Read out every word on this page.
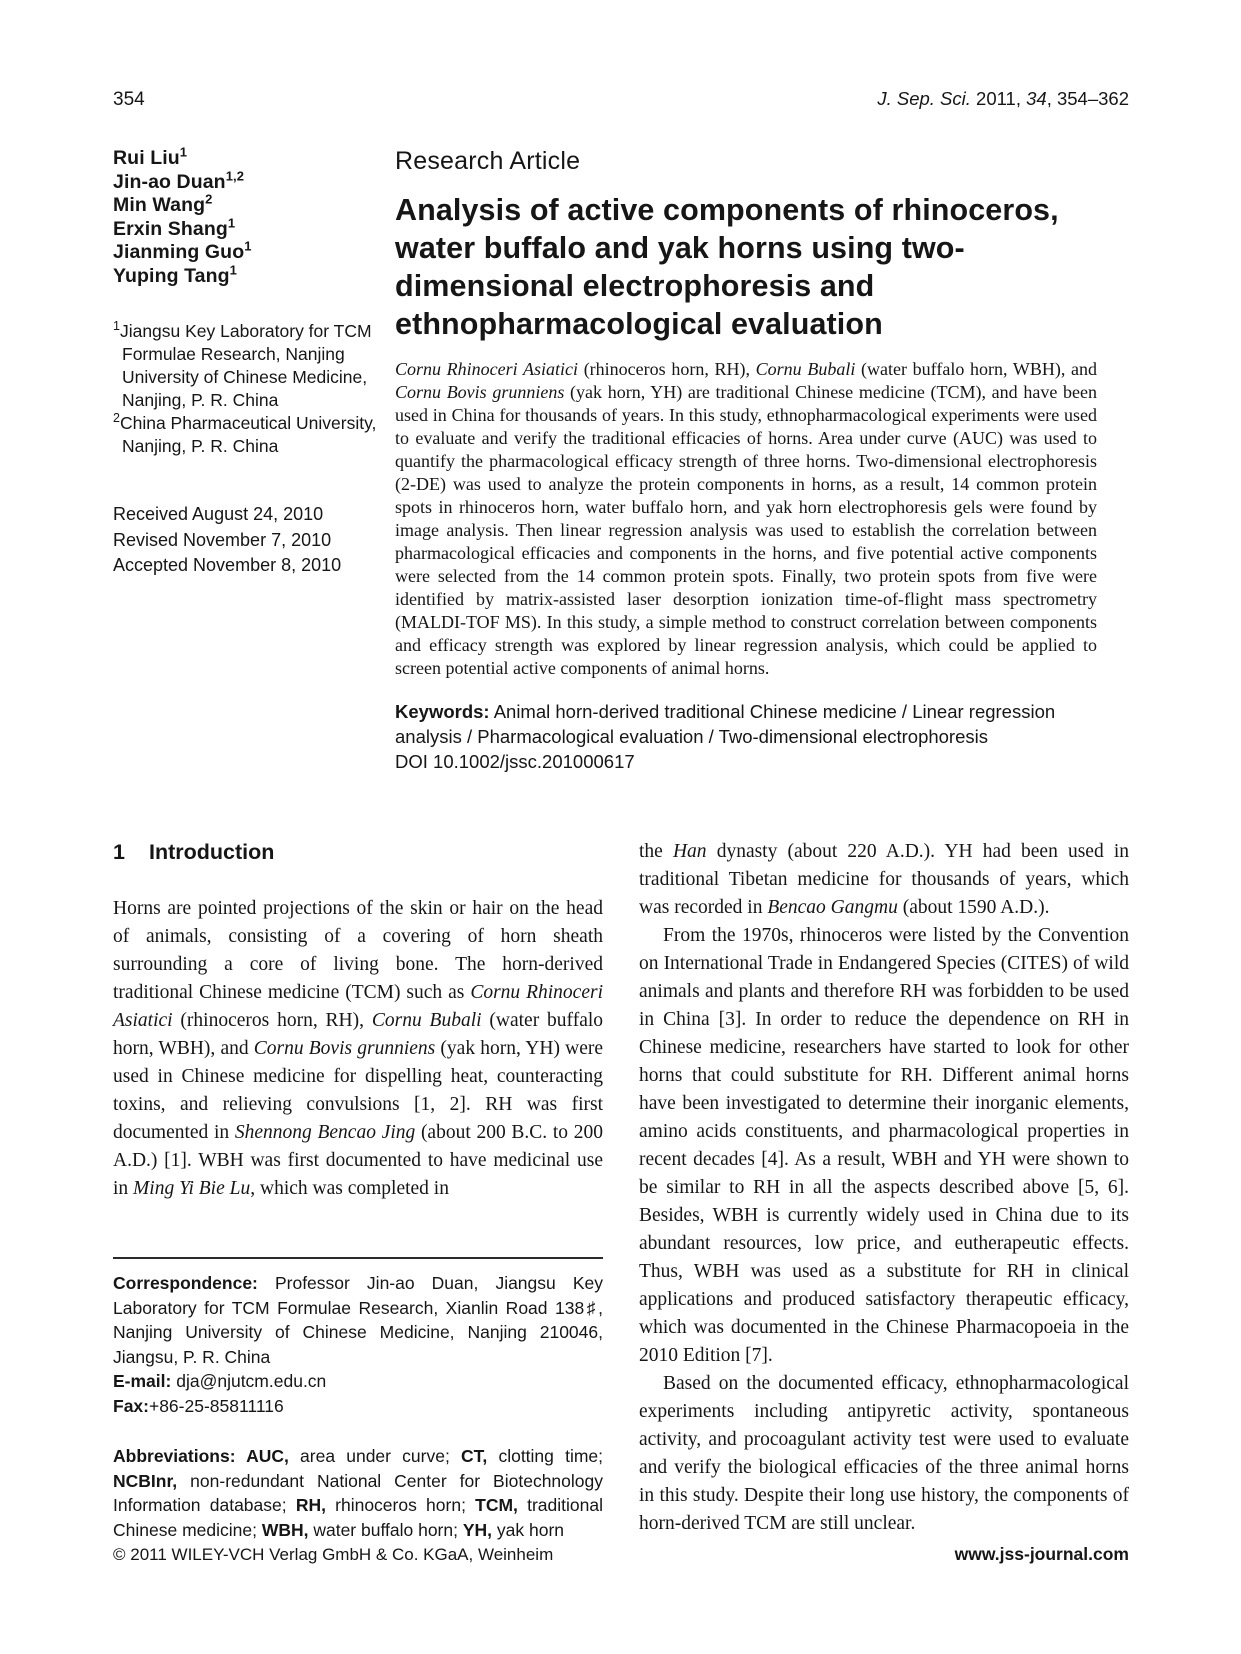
354	J. Sep. Sci. 2011, 34, 354–362
Rui Liu$^1$
Jin-ao Duan$^{1,2}$
Min Wang$^2$
Erxin Shang$^1$
Jianming Guo$^1$
Yuping Tang$^1$
$^1$Jiangsu Key Laboratory for TCM Formulae Research, Nanjing University of Chinese Medicine, Nanjing, P. R. China
$^2$China Pharmaceutical University, Nanjing, P. R. China
Received August 24, 2010
Revised November 7, 2010
Accepted November 8, 2010
Research Article
Analysis of active components of rhinoceros, water buffalo and yak horns using two-dimensional electrophoresis and ethnopharmacological evaluation

Cornu Rhinoceri Asiatici (rhinoceros horn, RH), Cornu Bubali (water buffalo horn, WBH), and Cornu Bovis grunniens (yak horn, YH) are traditional Chinese medicine (TCM), and have been used in China for thousands of years. In this study, ethnopharmacological experiments were used to evaluate and verify the traditional efficacies of horns. Area under curve (AUC) was used to quantify the pharmacological efficacy strength of three horns. Two-dimensional electrophoresis (2-DE) was used to analyze the protein components in horns, as a result, 14 common protein spots in rhinoceros horn, water buffalo horn, and yak horn electrophoresis gels were found by image analysis. Then linear regression analysis was used to establish the correlation between pharmacological efficacies and components in the horns, and five potential active components were selected from the 14 common protein spots. Finally, two protein spots from five were identified by matrix-assisted laser desorption ionization time-of-flight mass spectrometry (MALDI-TOF MS). In this study, a simple method to construct correlation between components and efficacy strength was explored by linear regression analysis, which could be applied to screen potential active components of animal horns.

Keywords: Animal horn-derived traditional Chinese medicine / Linear regression analysis / Pharmacological evaluation / Two-dimensional electrophoresis
DOI 10.1002/jssc.201000617
1 Introduction

Horns are pointed projections of the skin or hair on the head of animals, consisting of a covering of horn sheath surrounding a core of living bone. The horn-derived traditional Chinese medicine (TCM) such as Cornu Rhinoceri Asiatici (rhinoceros horn, RH), Cornu Bubali (water buffalo horn, WBH), and Cornu Bovis grunniens (yak horn, YH) were used in Chinese medicine for dispelling heat, counteracting toxins, and relieving convulsions [1, 2]. RH was first documented in Shennong Bencao Jing (about 200 B.C. to 200 A.D.) [1]. WBH was first documented to have medicinal use in Ming Yi Bie Lu, which was completed in

Correspondence: Professor Jin-ao Duan, Jiangsu Key Laboratory for TCM Formulae Research, Xianlin Road 138♯, Nanjing University of Chinese Medicine, Nanjing 210046, Jiangsu, P. R. China

E-mail: dja@njutcm.edu.cn

Fax:+86-25-85811116

Abbreviations: AUC, area under curve; CT, clotting time; NCBInr, non-redundant National Center for Biotechnology Information database; RH, rhinoceros horn; TCM, traditional Chinese medicine; WBH, water buffalo horn; YH, yak horn

the Han dynasty (about 220 A.D.). YH had been used in traditional Tibetan medicine for thousands of years, which was recorded in Bencao Gangmu (about 1590 A.D.).

From the 1970s, rhinoceros were listed by the Convention on International Trade in Endangered Species (CITES) of wild animals and plants and therefore RH was forbidden to be used in China [3]. In order to reduce the dependence on RH in Chinese medicine, researchers have started to look for other horns that could substitute for RH. Different animal horns have been investigated to determine their inorganic elements, amino acids constituents, and pharmacological properties in recent decades [4]. As a result, WBH and YH were shown to be similar to RH in all the aspects described above [5, 6]. Besides, WBH is currently widely used in China due to its abundant resources, low price, and eutherapeutic effects. Thus, WBH was used as a substitute for RH in clinical applications and produced satisfactory therapeutic efficacy, which was documented in the Chinese Pharmacopoeia in the 2010 Edition [7].

Based on the documented efficacy, ethnopharmacological experiments including antipyretic activity, spontaneous activity, and procoagulant activity test were used to evaluate and verify the biological efficacies of the three animal horns in this study. Despite their long use history, the components of horn-derived TCM are still unclear.

© 2011 WILEY-VCH Verlag GmbH & Co. KGaA, Weinheim	www.jss-journal.com
